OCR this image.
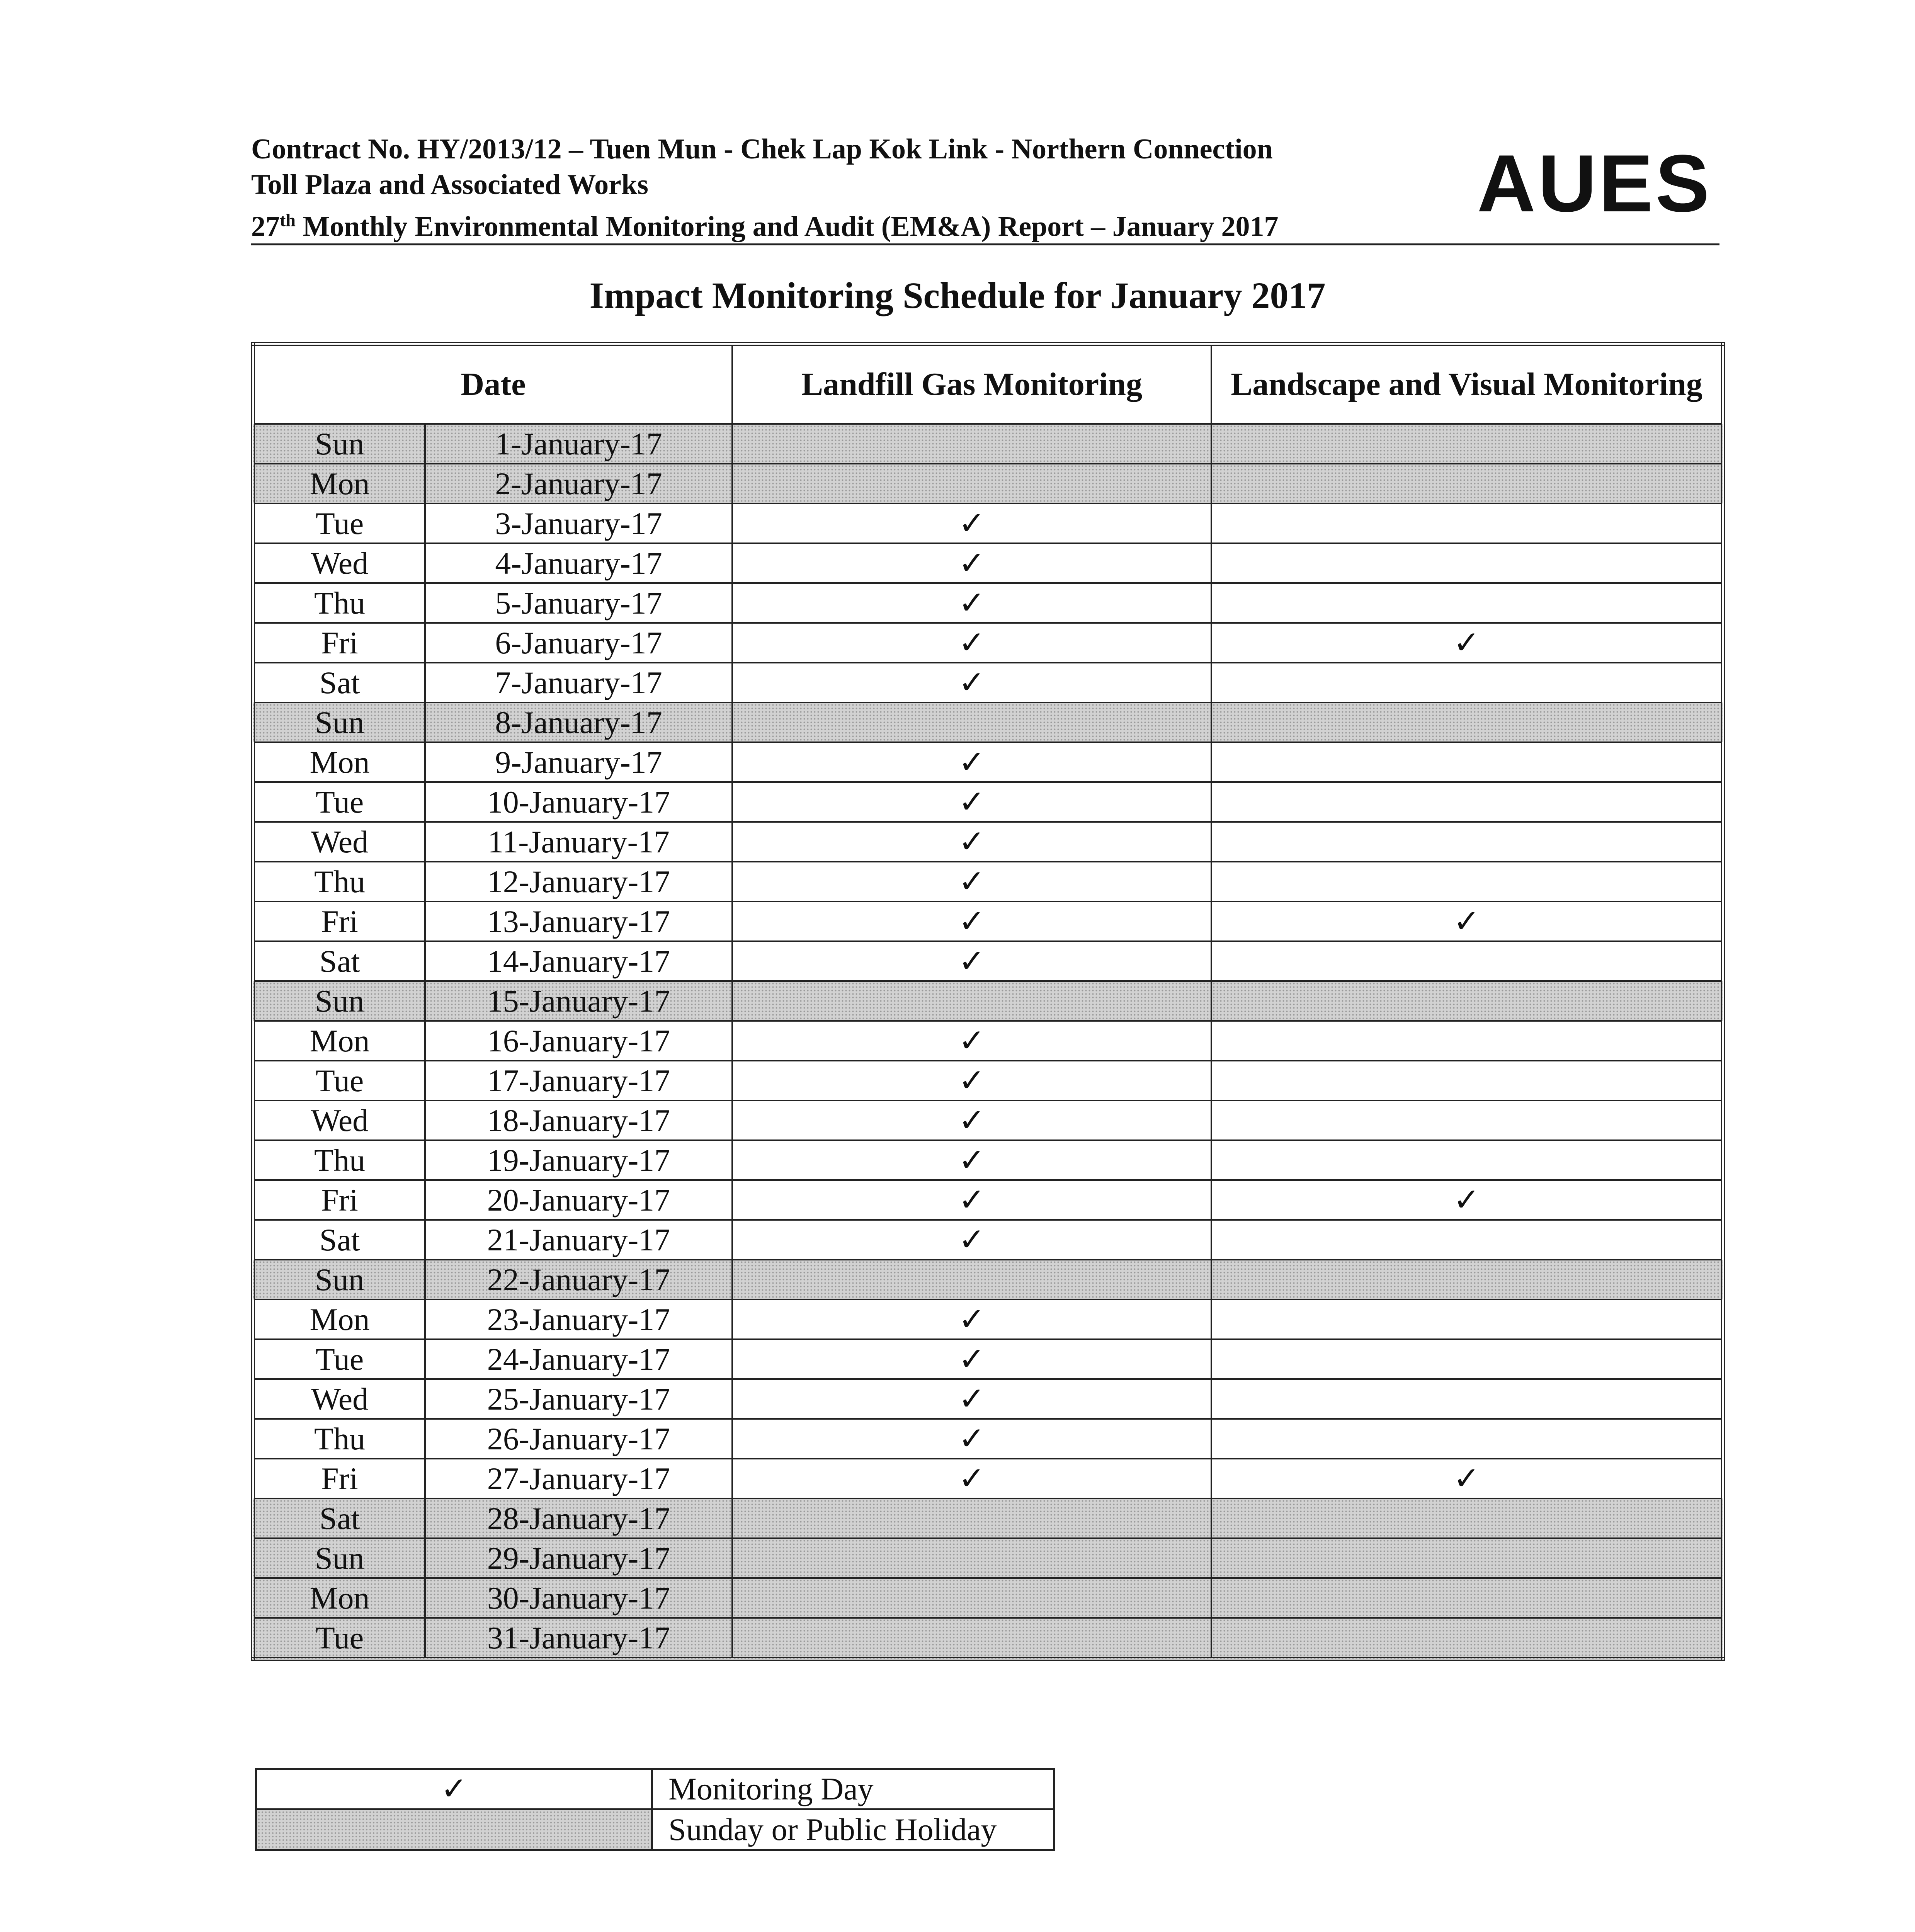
Contract No. HY/2013/12 – Tuen Mun - Chek Lap Kok Link - Northern Connection
Toll Plaza and Associated Works
27th Monthly Environmental Monitoring and Audit (EM&A) Report – January 2017 AUES
Impact Monitoring Schedule for January 2017
Date		Landfill Gas Monitoring	Landscape and Visual Monitoring
Sun	1-January-17		
Mon	2-January-17		
Tue	3-January-17	✓	
Wed	4-January-17	✓	
Thu	5-January-17	✓	
Fri	6-January-17	✓	✓
Sat	7-January-17	✓	
Sun	8-January-17		
Mon	9-January-17	✓	
Tue	10-January-17	✓	
Wed	11-January-17	✓	
Thu	12-January-17	✓	
Fri	13-January-17	✓	✓
Sat	14-January-17	✓	
Sun	15-January-17		
Mon	16-January-17	✓	
Tue	17-January-17	✓	
Wed	18-January-17	✓	
Thu	19-January-17	✓	
Fri	20-January-17	✓	✓
Sat	21-January-17	✓	
Sun	22-January-17		
Mon	23-January-17	✓	
Tue	24-January-17	✓	
Wed	25-January-17	✓	
Thu	26-January-17	✓	
Fri	27-January-17	✓	✓
Sat	28-January-17		
Sun	29-January-17		
Mon	30-January-17		
Tue	31-January-17		
✓	Monitoring Day
	Sunday or Public Holiday
